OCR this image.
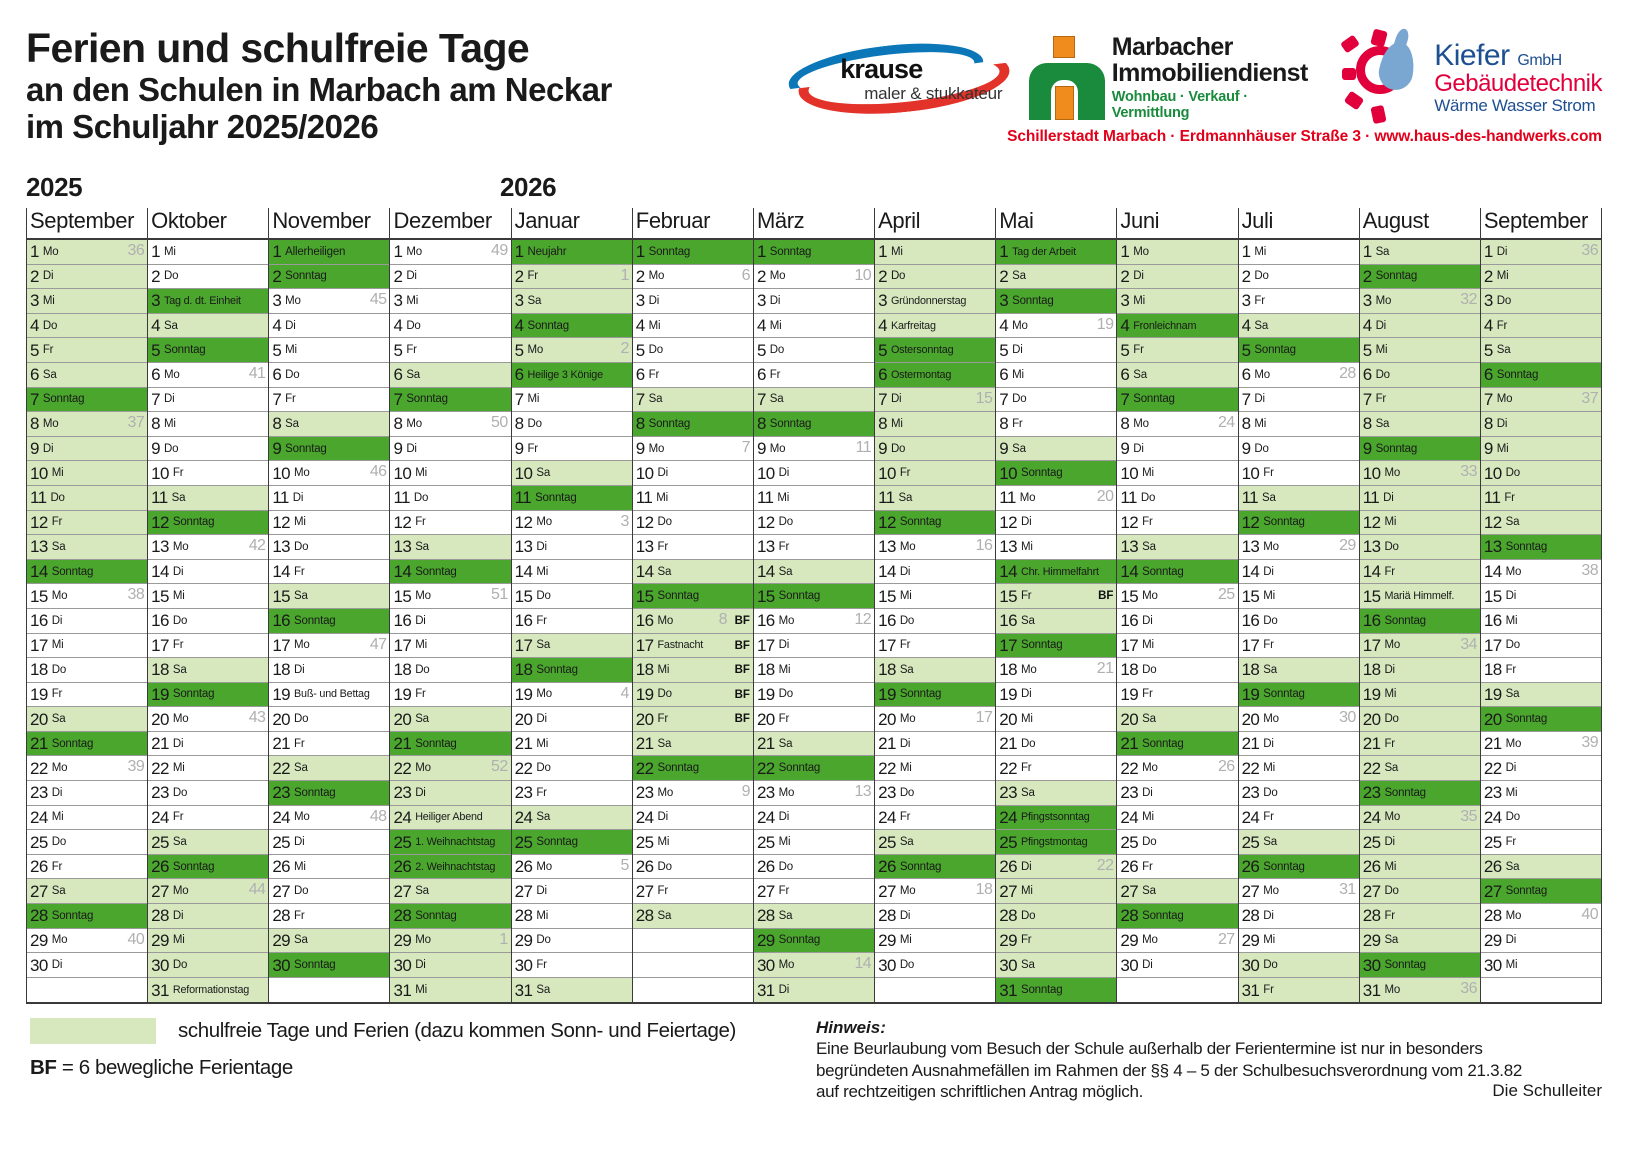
Ferien und schulfreie Tage
an den Schulen in Marbach am Neckar
im Schuljahr 2025/2026
krause
maler & stukkateur
Marbacher
Immobiliendienst
Wohnbau · Verkauf · Vermittlung
Kiefer GmbH
Gebäudetechnik
Wärme Wasser Strom
Schillerstadt Marbach · Erdmannhäuser Straße 3 · www.haus-des-handwerks.com
2025	2026
September
1 Mo	36
2 Di
3 Mi
4 Do
5 Fr
6 Sa
7 Sonntag
8 Mo	37
9 Di
10 Mi
11 Do
12 Fr
13 Sa
14 Sonntag
15 Mo	38
16 Di
17 Mi
18 Do
19 Fr
20 Sa
21 Sonntag
22 Mo	39
23 Di
24 Mi
25 Do
26 Fr
27 Sa
28 Sonntag
29 Mo	40
30 Di
Oktober
1 Mi
2 Do
3 Tag d. dt. Einheit
4 Sa
5 Sonntag
6 Mo	41
7 Di
8 Mi
9 Do
10 Fr
11 Sa
12 Sonntag
13 Mo	42
14 Di
15 Mi
16 Do
17 Fr
18 Sa
19 Sonntag
20 Mo	43
21 Di
22 Mi
23 Do
24 Fr
25 Sa
26 Sonntag
27 Mo	44
28 Di
29 Mi
30 Do
31 Reformationstag
November
1 Allerheiligen
2 Sonntag
3 Mo	45
4 Di
5 Mi
6 Do
7 Fr
8 Sa
9 Sonntag
10 Mo	46
11 Di
12 Mi
13 Do
14 Fr
15 Sa
16 Sonntag
17 Mo	47
18 Di
19 Buß- und Bettag
20 Do
21 Fr
22 Sa
23 Sonntag
24 Mo	48
25 Di
26 Mi
27 Do
28 Fr
29 Sa
30 Sonntag
Dezember
1 Mo	49
2 Di
3 Mi
4 Do
5 Fr
6 Sa
7 Sonntag
8 Mo	50
9 Di
10 Mi
11 Do
12 Fr
13 Sa
14 Sonntag
15 Mo	51
16 Di
17 Mi
18 Do
19 Fr
20 Sa
21 Sonntag
22 Mo	52
23 Di
24 Heiliger Abend
25 1. Weihnachtstag
26 2. Weihnachtstag
27 Sa
28 Sonntag
29 Mo	1
30 Di
31 Mi
Januar
1 Neujahr
2 Fr	1
3 Sa
4 Sonntag
5 Mo	2
6 Heilige 3 Könige
7 Mi
8 Do
9 Fr
10 Sa
11 Sonntag
12 Mo	3
13 Di
14 Mi
15 Do
16 Fr
17 Sa
18 Sonntag
19 Mo	4
20 Di
21 Mi
22 Do
23 Fr
24 Sa
25 Sonntag
26 Mo	5
27 Di
28 Mi
29 Do
30 Fr
31 Sa
Februar
1 Sonntag
2 Mo	6
3 Di
4 Mi
5 Do
6 Fr
7 Sa
8 Sonntag
9 Mo	7
10 Di
11 Mi
12 Do
13 Fr
14 Sa
15 Sonntag
16 Mo	8 BF
17 Fastnacht	BF
18 Mi	BF
19 Do	BF
20 Fr	BF
21 Sa
22 Sonntag
23 Mo	9
24 Di
25 Mi
26 Do
27 Fr
28 Sa
März
1 Sonntag
2 Mo	10
3 Di
4 Mi
5 Do
6 Fr
7 Sa
8 Sonntag
9 Mo	11
10 Di
11 Mi
12 Do
13 Fr
14 Sa
15 Sonntag
16 Mo	12
17 Di
18 Mi
19 Do
20 Fr
21 Sa
22 Sonntag
23 Mo	13
24 Di
25 Mi
26 Do
27 Fr
28 Sa
29 Sonntag
30 Mo	14
31 Di
April
1 Mi
2 Do
3 Gründonnerstag
4 Karfreitag
5 Ostersonntag
6 Ostermontag
7 Di	15
8 Mi
9 Do
10 Fr
11 Sa
12 Sonntag
13 Mo	16
14 Di
15 Mi
16 Do
17 Fr
18 Sa
19 Sonntag
20 Mo	17
21 Di
22 Mi
23 Do
24 Fr
25 Sa
26 Sonntag
27 Mo	18
28 Di
29 Mi
30 Do
Mai
1 Tag der Arbeit
2 Sa
3 Sonntag
4 Mo	19
5 Di
6 Mi
7 Do
8 Fr
9 Sa
10 Sonntag
11 Mo	20
12 Di
13 Mi
14 Chr. Himmelfahrt
15 Fr	BF
16 Sa
17 Sonntag
18 Mo	21
19 Di
20 Mi
21 Do
22 Fr
23 Sa
24 Pfingstsonntag
25 Pfingstmontag
26 Di	22
27 Mi
28 Do
29 Fr
30 Sa
31 Sonntag
Juni
1 Mo
2 Di
3 Mi
4 Fronleichnam
5 Fr
6 Sa
7 Sonntag
8 Mo	24
9 Di
10 Mi
11 Do
12 Fr
13 Sa
14 Sonntag
15 Mo	25
16 Di
17 Mi
18 Do
19 Fr
20 Sa
21 Sonntag
22 Mo	26
23 Di
24 Mi
25 Do
26 Fr
27 Sa
28 Sonntag
29 Mo	27
30 Di
Juli
1 Mi
2 Do
3 Fr
4 Sa
5 Sonntag
6 Mo	28
7 Di
8 Mi
9 Do
10 Fr
11 Sa
12 Sonntag
13 Mo	29
14 Di
15 Mi
16 Do
17 Fr
18 Sa
19 Sonntag
20 Mo	30
21 Di
22 Mi
23 Do
24 Fr
25 Sa
26 Sonntag
27 Mo	31
28 Di
29 Mi
30 Do
31 Fr
August
1 Sa
2 Sonntag
3 Mo	32
4 Di
5 Mi
6 Do
7 Fr
8 Sa
9 Sonntag
10 Mo	33
11 Di
12 Mi
13 Do
14 Fr
15 Mariä Himmelf.
16 Sonntag
17 Mo	34
18 Di
19 Mi
20 Do
21 Fr
22 Sa
23 Sonntag
24 Mo	35
25 Di
26 Mi
27 Do
28 Fr
29 Sa
30 Sonntag
31 Mo	36
September
1 Di	36
2 Mi
3 Do
4 Fr
5 Sa
6 Sonntag
7 Mo	37
8 Di
9 Mi
10 Do
11 Fr
12 Sa
13 Sonntag
14 Mo	38
15 Di
16 Mi
17 Do
18 Fr
19 Sa
20 Sonntag
21 Mo	39
22 Di
23 Mi
24 Do
25 Fr
26 Sa
27 Sonntag
28 Mo	40
29 Di
30 Mi
schulfreie Tage und Ferien (dazu kommen Sonn- und Feiertage)
BF = 6 bewegliche Ferientage
Hinweis:
Eine Beurlaubung vom Besuch der Schule außerhalb der Ferientermine ist nur in besonders
begründeten Ausnahmefällen im Rahmen der §§ 4 – 5 der Schulbesuchsverordnung vom 21.3.82
auf rechtzeitigen schriftlichen Antrag möglich.	Die Schulleiter
